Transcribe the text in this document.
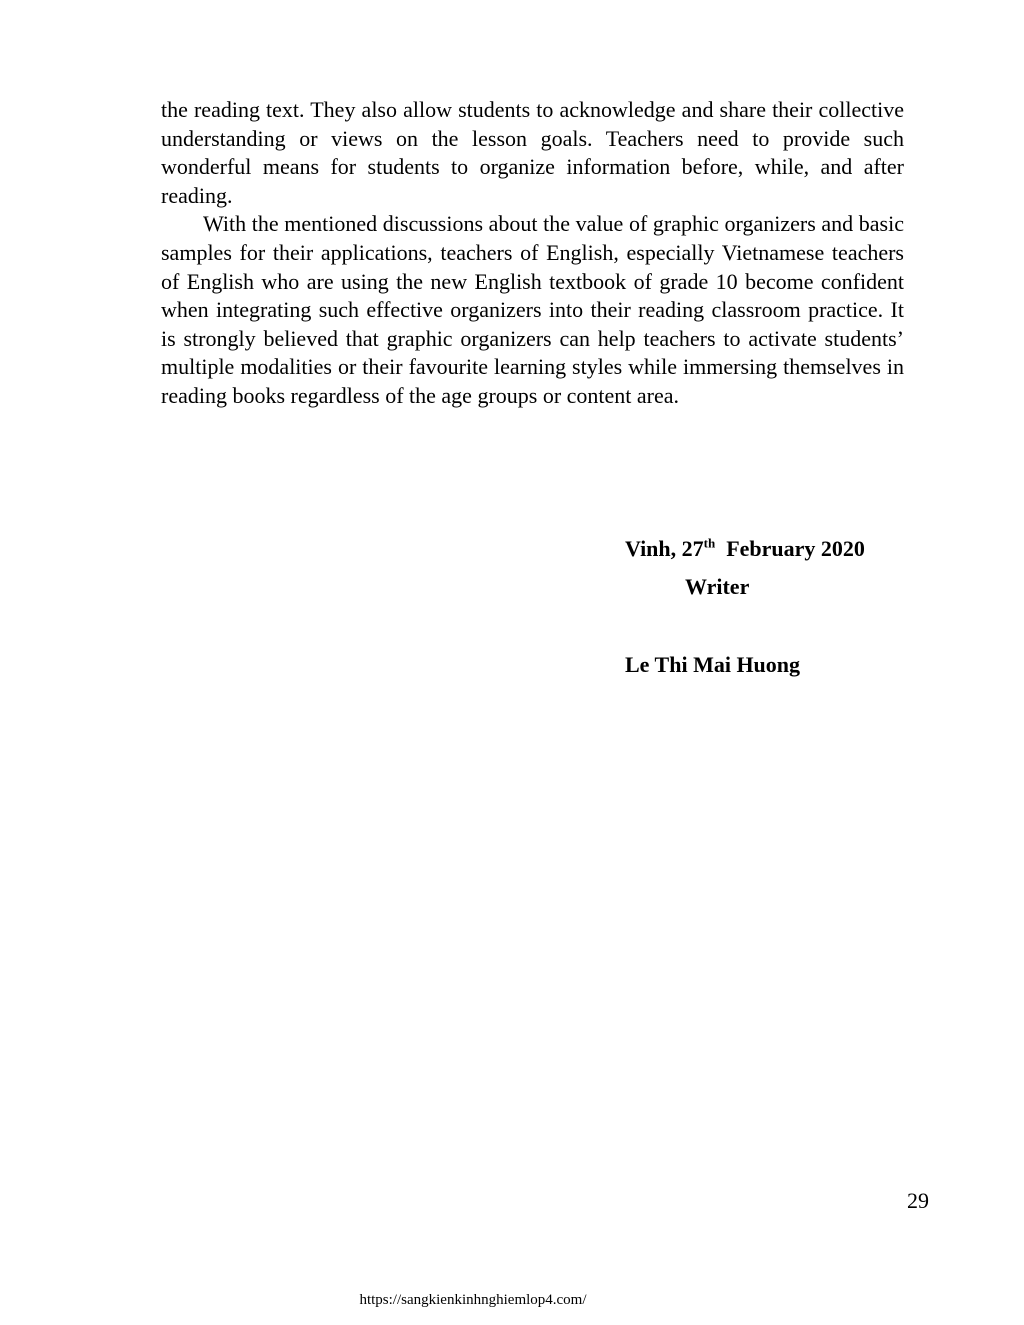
the reading text. They also allow students to acknowledge and share their collective understanding or views on the lesson goals. Teachers need to provide such wonderful means for students to organize information before, while, and after reading.

With the mentioned discussions about the value of graphic organizers and basic samples for their applications, teachers of English, especially Vietnamese teachers of English who are using the new English textbook of grade 10 become confident when integrating such effective organizers into their reading classroom practice. It is strongly believed that graphic organizers can help teachers to activate students’ multiple modalities or their favourite learning styles while immersing themselves in reading books regardless of the age groups or content area.

Vinh, 27th February 2020
Writer
Le Thi Mai Huong
29
https://sangkienkinhnghiemlop4.com/
